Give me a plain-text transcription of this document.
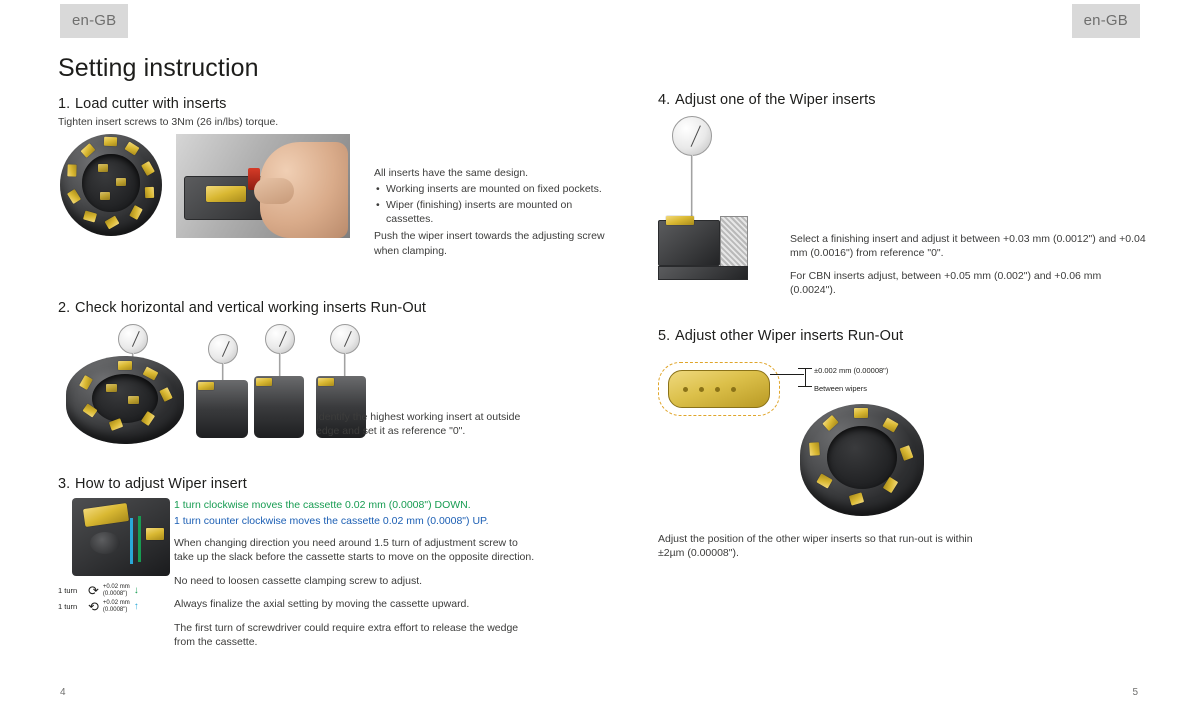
en-GB	en-GB
Setting instruction
1. Load cutter with inserts
Tighten insert screws to 3Nm (26 in/lbs) torque.

All inserts have the same design.

• Working inserts are mounted on fixed pockets.
• Wiper (finishing) inserts are mounted on cassettes.

Push the wiper insert towards the adjusting screw when clamping.

2. Check horizontal and vertical working inserts Run-Out
Identify the highest working insert at outside edge and set it as reference "0".
3. How to adjust Wiper insert
1 turn ⟳ +0.02 mm
(0.0008") ↓
1 turn ⟲ +0.02 mm
(0.0008") ↑

1 turn clockwise moves the cassette 0.02 mm (0.0008") DOWN.

1 turn counter clockwise moves the cassette 0.02 mm (0.0008") UP.

When changing direction you need around 1.5 turn of adjustment screw to take up the slack before the cassette starts to move on the opposite direction.

No need to loosen cassette clamping screw to adjust.

Always finalize the axial setting by moving the cassette upward.

The first turn of screwdriver could require extra effort to release the wedge from the cassette.

4. Adjust one of the Wiper inserts

Select a finishing insert and adjust it between +0.03 mm (0.0012") and +0.04 mm (0.0016") from reference "0".

For CBN inserts adjust, between +0.05 mm (0.002") and +0.06 mm (0.0024").

5. Adjust other Wiper inserts Run-Out
±0.002 mm (0.00008")
Between wipers
Adjust the position of the other wiper inserts so that run-out is within ±2µm (0.00008").
4	5
